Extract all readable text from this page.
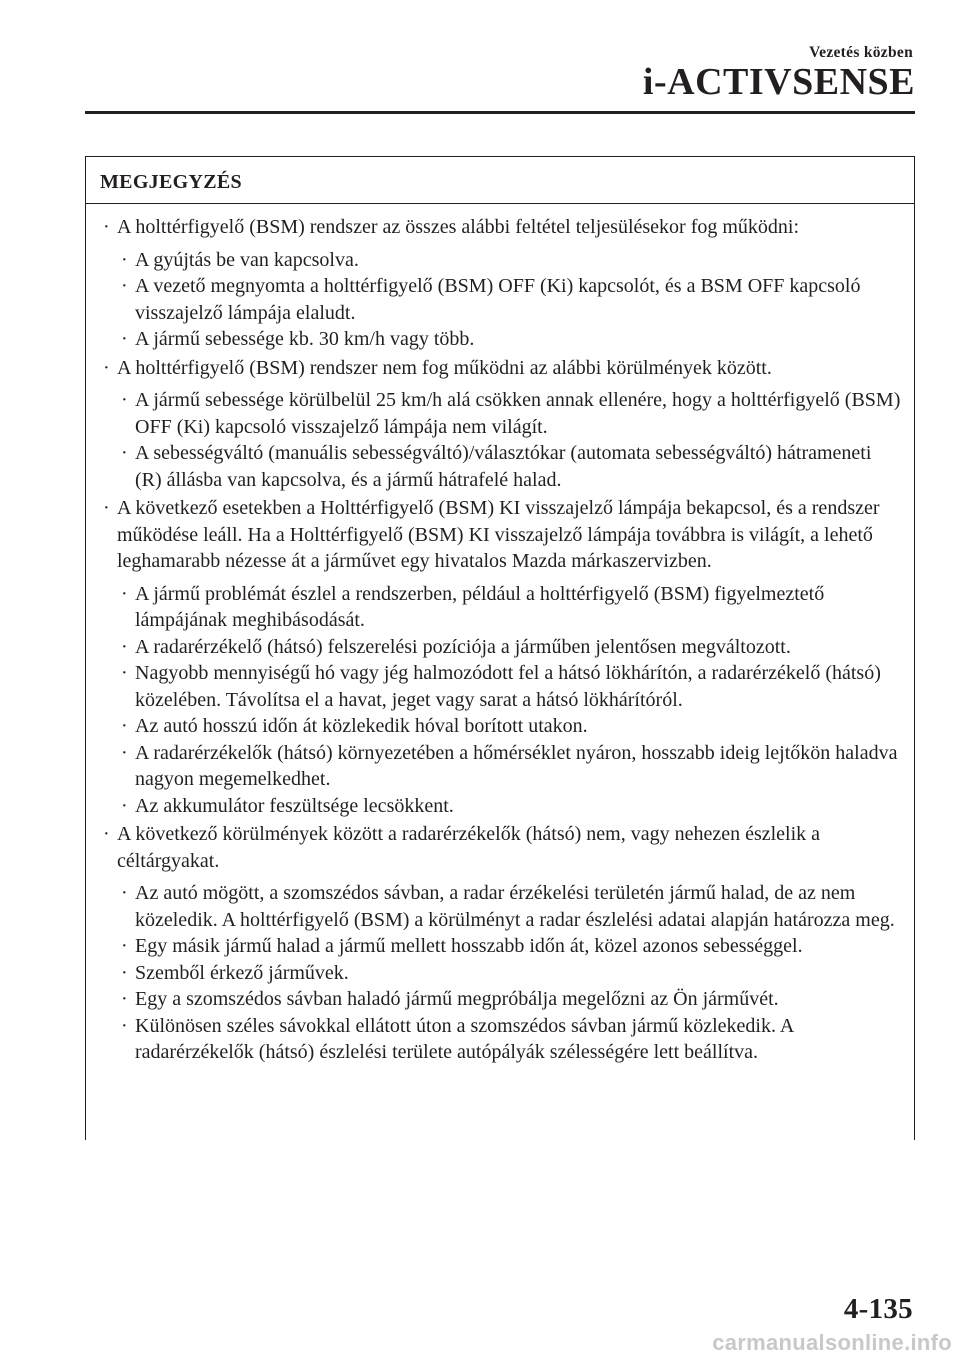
Vezetés közben
i-ACTIVSENSE
MEGJEGYZÉS
· A holttérfigyelő (BSM) rendszer az összes alábbi feltétel teljesülésekor fog működni:
· A gyújtás be van kapcsolva.
· A vezető megnyomta a holttérfigyelő (BSM) OFF (Ki) kapcsolót, és a BSM OFF kapcsoló visszajelző lámpája elaludt.
· A jármű sebessége kb. 30 km/h vagy több.
· A holttérfigyelő (BSM) rendszer nem fog működni az alábbi körülmények között.
· A jármű sebessége körülbelül 25 km/h alá csökken annak ellenére, hogy a holttérfigyelő (BSM) OFF (Ki) kapcsoló visszajelző lámpája nem világít.
· A sebességváltó (manuális sebességváltó)/választókar (automata sebességváltó) hátrameneti (R) állásba van kapcsolva, és a jármű hátrafelé halad.
· A következő esetekben a Holttérfigyelő (BSM) KI visszajelző lámpája bekapcsol, és a rendszer működése leáll. Ha a Holttérfigyelő (BSM) KI visszajelző lámpája továbbra is világít, a lehető leghamarabb nézesse át a járművet egy hivatalos Mazda márkaszervizben.
· A jármű problémát észlel a rendszerben, például a holttérfigyelő (BSM) figyelmeztető lámpájának meghibásodását.
· A radarérzékelő (hátsó) felszerelési pozíciója a járműben jelentősen megváltozott.
· Nagyobb mennyiségű hó vagy jég halmozódott fel a hátsó lökhárítón, a radarérzékelő (hátsó) közelében. Távolítsa el a havat, jeget vagy sarat a hátsó lökhárítóról.
· Az autó hosszú időn át közlekedik hóval borított utakon.
· A radarérzékelők (hátsó) környezetében a hőmérséklet nyáron, hosszabb ideig lejtőkön haladva nagyon megemelkedhet.
· Az akkumulátor feszültsége lecsökkent.
· A következő körülmények között a radarérzékelők (hátsó) nem, vagy nehezen észlelik a céltárgyakat.
· Az autó mögött, a szomszédos sávban, a radar érzékelési területén jármű halad, de az nem közeledik. A holttérfigyelő (BSM) a körülményt a radar észlelési adatai alapján határozza meg.
· Egy másik jármű halad a jármű mellett hosszabb időn át, közel azonos sebességgel.
· Szemből érkező járművek.
· Egy a szomszédos sávban haladó jármű megpróbálja megelőzni az Ön járművét.
· Különösen széles sávokkal ellátott úton a szomszédos sávban jármű közlekedik. A radarérzékelők (hátsó) észlelési területe autópályák szélességére lett beállítva.
4-135
carmanualsonline.info
